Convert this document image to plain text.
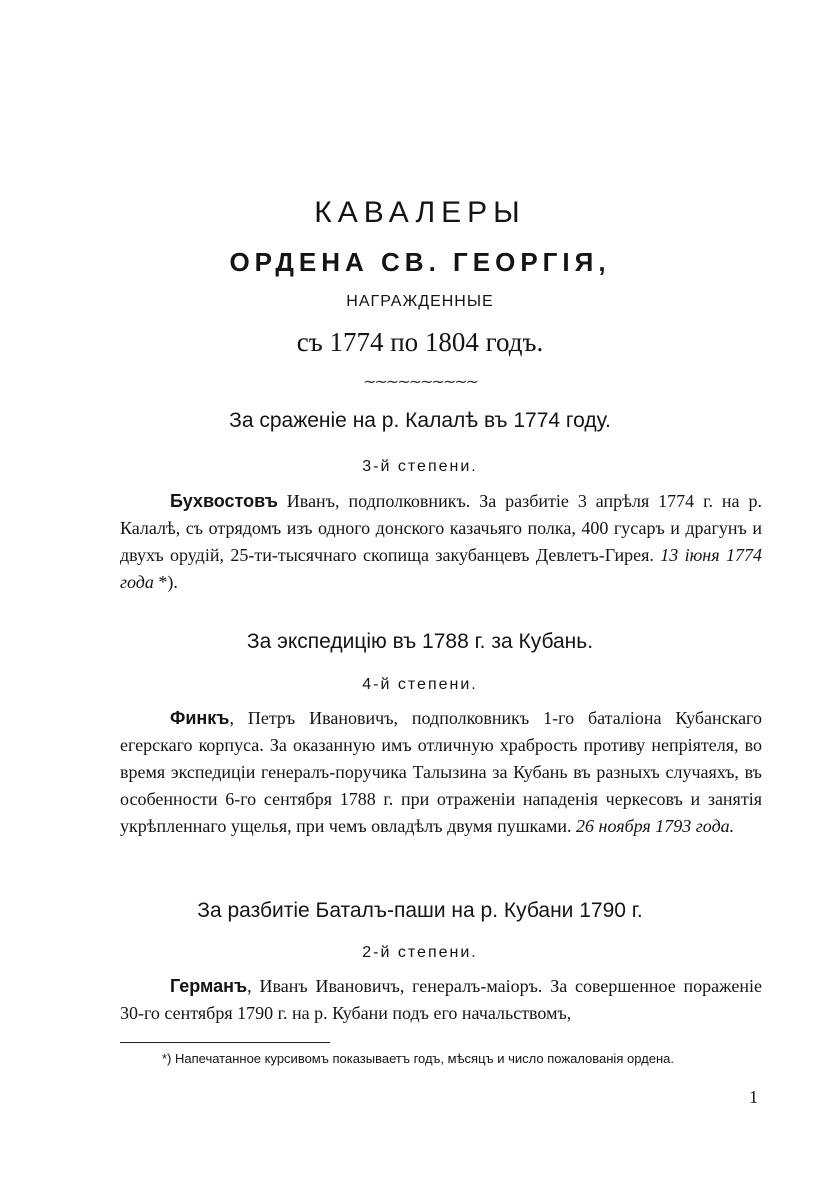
КАВАЛЕРЫ
ОРДЕНА СВ. ГЕОРГІЯ,
НАГРАЖДЕННЫЕ
съ 1774 по 1804 годъ.
~~~~~~~~~~
За сраженіе на р. Калалѣ въ 1774 году.
3-й степени.
Бухвостовъ Иванъ, подполковникъ. За разбитіе 3 апрѣля 1774 г. на р. Калалѣ, съ отрядомъ изъ одного донского казачьяго полка, 400 гусаръ и драгунъ и двухъ орудій, 25-ти-тысячнаго скопища закубанцевъ Девлетъ-Гирея. 13 іюня 1774 года *).
За экспедицію въ 1788 г. за Кубань.
4-й степени.
Финкъ, Петръ Ивановичъ, подполковникъ 1-го баталіона Кубанскаго егерскаго корпуса. За оказанную имъ отличную храбрость противу непріятеля, во время экспедиціи генералъ-поручика Талызина за Кубань въ разныхъ случаяхъ, въ особенности 6-го сентября 1788 г. при отраженіи нападенія черкесовъ и занятія укрѣпленнаго ущелья, при чемъ овладѣлъ двумя пушками. 26 ноября 1793 года.
За разбитіе Баталъ-паши на р. Кубани 1790 г.
2-й степени.
Германъ, Иванъ Ивановичъ, генералъ-маіоръ. За совершенное пораженіе 30-го сентября 1790 г. на р. Кубани подъ его начальствомъ,
*) Напечатанное курсивомъ показываетъ годъ, мѣсяцъ и число пожалованія ордена.
1
